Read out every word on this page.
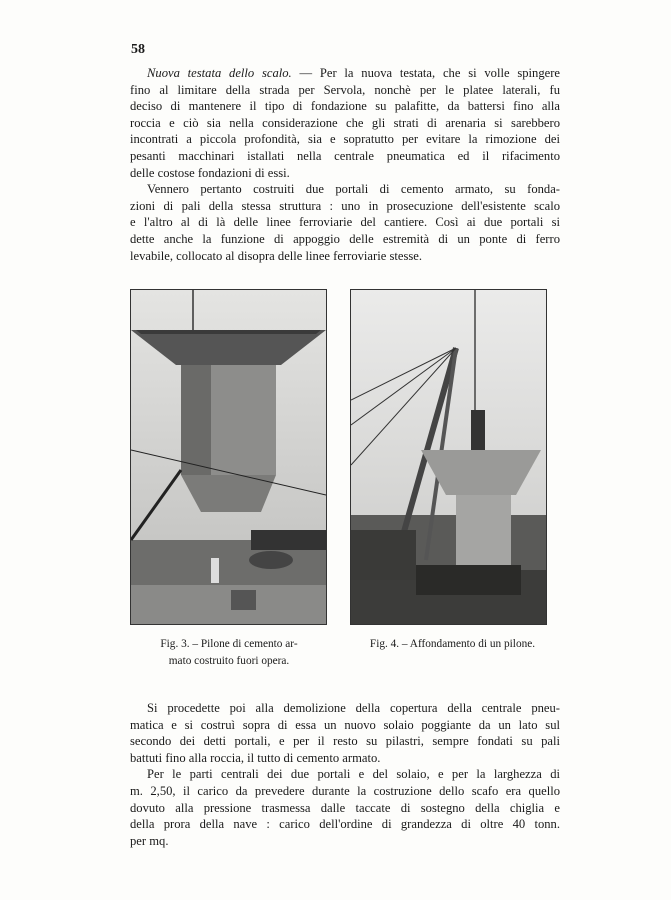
58
Nuova testata dello scalo. — Per la nuova testata, che si volle spingere
fino al limitare della strada per Servola, nonchè per le platee laterali, fu
deciso di mantenere il tipo di fondazione su palafitte, da battersi fino alla
roccia e ciò sia nella considerazione che gli strati di arenaria si sarebbero
incontrati a piccola profondità, sia e sopratutto per evitare la rimozione dei
pesanti macchinari istallati nella centrale pneumatica ed il rifacimento
delle costose fondazioni di essi.
Vennero pertanto costruiti due portali di cemento armato, su fonda-
zioni di pali della stessa struttura : uno in prosecuzione dell'esistente scalo
e l'altro al di là delle linee ferroviarie del cantiere. Così ai due portali si
dette anche la funzione di appoggio delle estremità di un ponte di ferro
levabile, collocato al disopra delle linee ferroviarie stesse.
Fig. 3. – Pilone di cemento ar-
mato costruito fuori opera.
Fig. 4. – Affondamento di un pilone.
Si procedette poi alla demolizione della copertura della centrale pneu-
matica e si costruì sopra di essa un nuovo solaio poggiante da un lato sul
secondo dei detti portali, e per il resto su pilastri, sempre fondati su pali
battuti fino alla roccia, il tutto di cemento armato.
Per le parti centrali dei due portali e del solaio, e per la larghezza di
m. 2,50, il carico da prevedere durante la costruzione dello scafo era quello
dovuto alla pressione trasmessa dalle taccate di sostegno della chiglia e
della prora della nave : carico dell'ordine di grandezza di oltre 40 tonn.
per mq.
